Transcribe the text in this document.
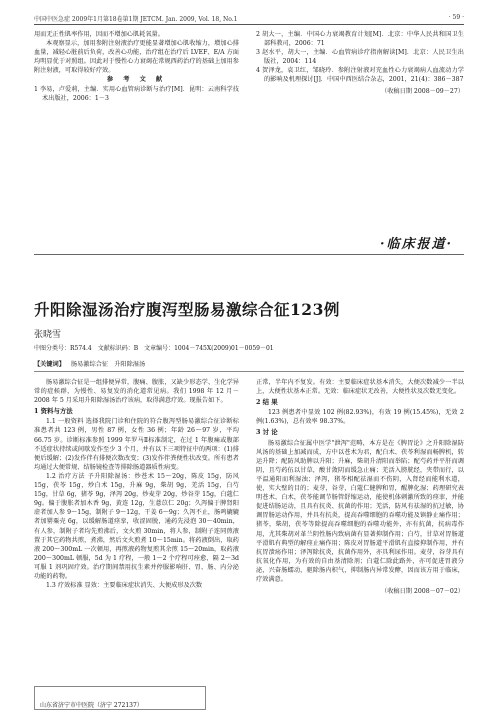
中国中医急症 2009年1月第18卷第1期 JETCM. Jan. 2009, Vol. 18, No.1	· 59 ·

用而无正性肌率作用，因而不增加心肌耗氧量。

本观察显示，加用参附注射液治疗更能显著增加心肌收缩力，增加心排血量，减轻心脏前后负荷，改善心功能，治疗组在治疗后 LVEF、E/A 方面均明显优于对照组。因此对于慢性心力衰竭在常规西药治疗的基础上加用参附注射液，可取得较好疗效。

参 考 文 献

1 李易，卢爱莉，主编．实用心血管病诊断与治疗[M]．昆明：云南科学技术出版社，2006：1－3

2 胡大一，主编．中国心力衰竭教育计划[M]．北京：中华人民共和国卫生部科教司，2006：71

3 赵水平，胡大一，主编．心血管病诊疗指南解读[M]．北京：人民卫生出版社，2004：114

4 贺泽龙，袁卫红，邹晓玲．参附注射液对充血性心力衰竭病人血流动力学的影响及机理探讨[J]．中国中西医结合杂志，2001，21(4)：386－387

（收稿日期 2008－09－27）

·临床报道·
升阳除湿汤治疗腹泻型肠易激综合征123例
张晓雪
中图分类号：R574.4　文献标识码：B　文章编号：1004－745X(2009)01－0059－01
【关键词】 肠易激综合征　升阳除湿汤

肠易激综合征是一组排便异常，腹痛、腹胀，又缺少形态学、生化学异常的症候群，为慢性、易复发的消化道常见病。我们 1998 年 12 月－2008 年 5 月采用升阳除湿汤治疗该病，取得满意疗效。现报告如下。

1 资料与方法

1.1 一般资料 选择我院门诊和住院的符合腹泻型肠易激综合征诊断标准患者共 123 例，男性 87 例，女性 36 例；年龄 26～97 岁，平均 66.75 岁。诊断标准参照 1999 年罗马Ⅱ标准制定，在过 1 年腹痛或腹部不适症状持续或间歇发作至少 3 个月，并有以下三项特征中的两项：(1)排便后缓解；(2)发作伴有排便次数改变；(3)发作伴粪便性状改变。所有患者均通过大便常规、结肠镜检查等排除肠道器质性病变。

1.2 治疗方法 予升阳除湿汤：炒苍术 15～20g，陈皮 15g，防风 15g，茯苓 15g，炒白术 15g，升麻 9g，柴胡 9g，羌活 15g，白芍 15g，甘草 6g，猪苓 9g，泽泻 20g，炒麦芽 20g，炒谷芽 15g，白蔻仁 9g。偏于腹胀者加木香 9g，黄连 12g，生薏苡仁 20g；久泻偏于脾肾阳虚者加人参 9～15g，制附子 9～12g，干姜 6～9g；久泻不止，肠鸣辘辘者加罂粟壳 6g，以缓解肠道痉挛，收涩固脱，通药先浸泡 30～40min，有人参，制附子者均先煎沸后，文火煎 30min，将人参，制附子连同煎液置于其它药物共煎，煮沸，然后文火煎煮 10～15min。将药液倒出，取药液 200～300mL 一次顿用，再煎液药物复煎其余煎 15～20min，取药液 200～300mL 顿服，5d 为 1 疗程，一般 1～2 个疗程可痊愈，隔 2～3d 可服 1 剂巩固疗效。治疗期间禁用抗生素并停服影响肝、胃、肠、内分泌功能的药物。

1.3 疗效标准 显效：主要临床症状消失、大便成形及次数

正常，半年内不复发。有效：主要临床症状基本消失，大便次数减少一半以上，大便性状基本正常。无效：临床症状无改善，大便性状及次数无变化。

2 结 果

123 例患者中显效 102 例(82.93%)，有效 19 例(15.45%)，无效 2 例(1.63%)，总有效率 98.37%。

3 讨 论

肠易激综合征属中医学"泄泻"范畴，本方是在《脾胃论》之升阳除湿防风汤的基础上加减而成，方中以苍术为君，配白术、茯苓利湿而畅脾机，转运升降；配防风助脾以升阳；升麻，柴胡升清阳而举陷；配芍药并平肝而调阴，且芍药伍以甘草，酸甘敛阴而缓急止痛；羌活入膀胱经，夹带而行，以平温通阳而利湿浊；泽泻，猪苓相配祛湿而不伤阴，入肾经而能利水道，使，实大壁的目的；麦芽，谷芽，白蔻仁健脾和胃，醒脾化湿；药理研究表明苍术、白术，茯苓能调节肠管舒缩运动，能使机体刺激所致的痉挛，并能促进结肠运动，且具有抗炎、抗菌的作用；羌活，防风有祛湿的抗过敏，协调胃肠运动作用，并具有抗炎，提高吞噬细胞的吞噬功能及镇静止痛作用；猪苓，柴胡，茯苓等除提高吞噬细胞的吞噬功能外，亦有抗菌，抗病毒作用，尤其柴胡对革兰阴性肠内致病菌有显著抑制作用；白芍，甘草对胃肠道平滑肌有典型的解痉止痛作用；陈皮对胃肠道平滑肌有直接抑制作用，并有抗胃溃疡作用；泽泻除抗炎，抗菌作用外，亦具利尿作用。麦芽，谷芽具有抗氧化作用，为有效的自由基清除剂；白蔻仁除此路外，亦可促进胃液分泌，兴奋肠蠕动，驱除肠内积气，抑制肠内异常发酵，因而该方用于临床，疗效满意。

（收稿日期 2008－07－02）

山东省济宁市中医院（济宁 272137）
